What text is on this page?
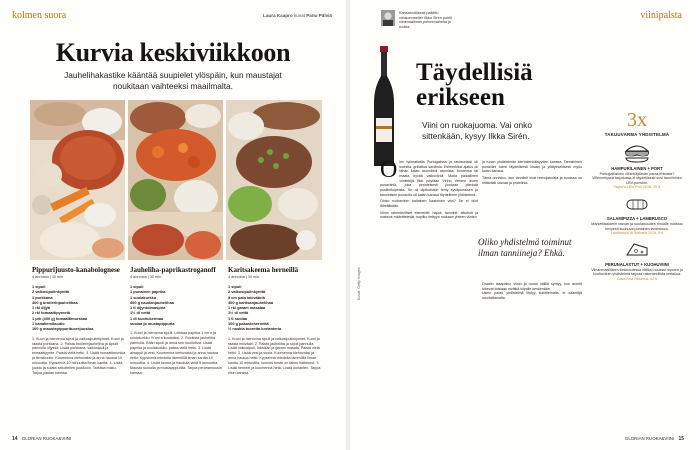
kolmen suora	Laura Kaapro kuvat Panu Pälviä
Kurvia keskiviikkoon

Jauhelihakastike kääntää suupielet ylöspäin, kun maustajat noukitaan vaihteeksi maailmalta.

Pippurijuusto-kanabolognese
4 annosta | 30 min
1 sipuli
2 valkosipulinkynttä
1 porkkana
400 g broilerinjauhelihaa
1 rkl öljyä
2 rkl tomaattipyreetä
1 prk (400 g) tomaattimurskaa
1 kanaliemikuutio
100 g maustepippurituorejuustoa

1. Kuori ja hienonna sipuli ja valkosipulinkynnet. Kuori ja raasta porkkana. 2. Paista broilerinjauheliha ja sipulit pannulla öljyssä. Lisää porkkana, valkosipuli ja tomaattipyree. Paista vielä hetki. 3. Lisää tomaattimurska ja liemikuutio. Kuumenna kiehuvaksi ja anna hautua 10 minuuttia. Kypsennä 10 minuuttia ilman kantta. 4. Lisää juusto ja sulata sekoitellen joukkoon. Tarkista maku. Tarjoa pastan kanssa.

Jauheliha-paprikastroganoff
4 annosta | 30 min
1 sipuli
1 punainen paprika
1 suolakurkku
400 g naudanjauhelihaa
1 tl öljyntoimaspria
1½ dl vettä
1 dl kuohukermaa
suolaa ja mustapippuria

1. Kuori ja hienonna sipuli. Leikkaa paprika 1 cm:n ja suolakurkku ½ cm:n kuutioiksi. 2. Ruskista jauheliha pannulla. Kääri sipuli ja anna sen kuullottua. Lisää paprika ja suolakurkku, paista vielä hetki. 3. Lisää ainapyö ja vesi. Kuumenna kiehuvaksi ja anna hautua hetki. Kypsennä miedolla lämmöllä ilman kantta 10 minuuttia. 4. Lisää kerma ja hauduta vielä 5 minuuttia. Mausta suolalla ja mustapippurilla. Tarjoa perunamuusin kanssa.

Karitsakeema herneillä
4 annosta | 30 min
1 sipuli
2 valkosipulinkynttä
5 cm pala inkivääriä
400 g karitsanjauhelihaa
1 rkl garam masalaa
1½ dl vettä
1 tl suolaa
100 g pakasteherneitä
½ nuskia tuoretta korianteria

1. Kuori ja hienonna sipuli ja valkosipulinkynnet. Kuori ja raasta inkivääri. 2. Paista jauheliha ja sipuli pannulla. Lisää valkosipuli, inkivääri ja garam masala. Paista vielä hetki. 3. Lisää vesi ja suola. Kuumenna kiehuvaksi ja anna hautua hetki. Kypsennä miedolla lämmöllä ilman kantta 10 minuuttia, kunnes neste on lähes haihtunut. 3. Lisää herneet ja kuumenna hetki. Lisää korianteri. Tarjoa riisin kanssa.

14 GLORIAN RUOKA&VIINI

Kansanvälisesti palkittu viinisommelier Ilkka Sirén pohtii viinimaailman puheenaiheita ja ruokia.

viinipalsta
Täydellisiä
erikseen

Viini on ruokajuoma. Vai onko sittenkään, kysyy Ilkka Sirén.

O len työmatkalla Portugalissa ja tastaselaisi uli tuorstia, grillattua sardiinia. Esimerkiksi ajatus oli tähän kalan aromikkiä aromista, kuorensa tai maata hyvää valkoviiniä. Mutta paikallinen viinitekijä fiksi pöytään Vinho Verden aluen punaviiniä, joka perinteisesti juodaan pienistä posliinikupeista. Se oli läpikotoisin lehty syväpunaisen ja tanniinisen punaviini oli kalan kanssa täydellinen yhdistelmä.

Oloko ruokaviinin kaltainen kaatoinen viini? Se ei ollut lähelläkään.

Viinin rakenteelliset elementit: hapot, tanniinit, alkoholi ja makeus määrittelevät, sopiiko tiettyyn ruokaan yhteen viinien

ja ruoan yhdistelmän kiertokenkäisyyden kanssa. Tanniininen punaviini toimii täydellisesti lihaan ja yllätyksellisesti myös kalan kanssa.

Tämä onnistuu, kun tanniinit ovat hienojakoisia ja ruoassa on riittävästi rasvaa ja proteiinia.

Oliko yhdistelmä toiminut ilman tanniineja? Ehkä.

Oraalin tasapaino viinin ja ruoan välillä syntyy, kun aromit tukevat toisiaan eivätkä kilpaile keskenään.

Usein paras yhdistelmä löytyy kokeilemalla, ei sääntöjä noudattamalla.

Kuvat: Getty Images
3x
TAKUUVARMA YHDISTELMÄ
HAMPURILAINEN + PORT
Portugalilainen viininkäytävän paras ehtoista? Villennetyssä tarjoilussa ei täydellisesti sovi tanniininen LBV-portviini.
Taylor's LBV Port 2018, 20 €
SALAMIPIZZA + LAMBRUSCO
Markettisalamin rasvan ja suolaisuuden rinnalle maistuu kevyesti kuohuva punainen lambrusco.
Lambrusco di Sorbara 2019, 9 €
PERUNALASTUT + KUOHUVIINI
Viinanmaitillisten keskuudessa hittiksi noussut sipsien ja kuohuviinin yhdistelmä tarjoaa rakenteellista vertailua.
Cava Brut Reserva, 12 €
GLORIAN RUOKA&VIINI 15
